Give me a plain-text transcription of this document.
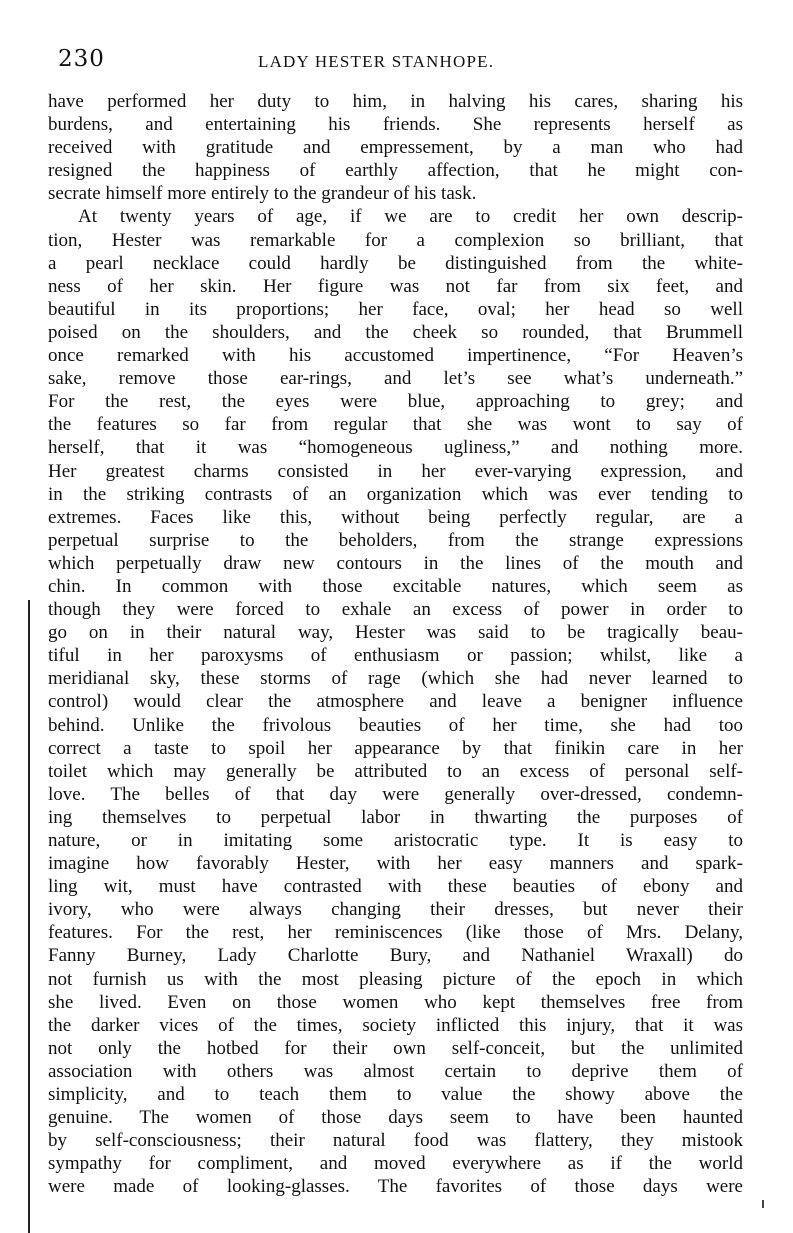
230	LADY HESTER STANHOPE.
have performed her duty to him, in halving his cares, sharing his
burdens, and entertaining his friends. She represents herself as
received with gratitude and empressement, by a man who had
resigned the happiness of earthly affection, that he might con-
secrate himself more entirely to the grandeur of his task.
At twenty years of age, if we are to credit her own descrip-
tion, Hester was remarkable for a complexion so brilliant, that
a pearl necklace could hardly be distinguished from the white-
ness of her skin. Her figure was not far from six feet, and
beautiful in its proportions; her face, oval; her head so well
poised on the shoulders, and the cheek so rounded, that Brummell
once remarked with his accustomed impertinence, “For Heaven’s
sake, remove those ear-rings, and let’s see what’s underneath.”
For the rest, the eyes were blue, approaching to grey; and
the features so far from regular that she was wont to say of
herself, that it was “homogeneous ugliness,” and nothing more.
Her greatest charms consisted in her ever-varying expression, and
in the striking contrasts of an organization which was ever tending to
extremes. Faces like this, without being perfectly regular, are a
perpetual surprise to the beholders, from the strange expressions
which perpetually draw new contours in the lines of the mouth and
chin. In common with those excitable natures, which seem as
though they were forced to exhale an excess of power in order to
go on in their natural way, Hester was said to be tragically beau-
tiful in her paroxysms of enthusiasm or passion; whilst, like a
meridianal sky, these storms of rage (which she had never learned to
control) would clear the atmosphere and leave a benigner influence
behind. Unlike the frivolous beauties of her time, she had too
correct a taste to spoil her appearance by that finikin care in her
toilet which may generally be attributed to an excess of personal self-
love. The belles of that day were generally over-dressed, condemn-
ing themselves to perpetual labor in thwarting the purposes of
nature, or in imitating some aristocratic type. It is easy to
imagine how favorably Hester, with her easy manners and spark-
ling wit, must have contrasted with these beauties of ebony and
ivory, who were always changing their dresses, but never their
features. For the rest, her reminiscences (like those of Mrs. Delany,
Fanny Burney, Lady Charlotte Bury, and Nathaniel Wraxall) do
not furnish us with the most pleasing picture of the epoch in which
she lived. Even on those women who kept themselves free from
the darker vices of the times, society inflicted this injury, that it was
not only the hotbed for their own self-conceit, but the unlimited
association with others was almost certain to deprive them of
simplicity, and to teach them to value the showy above the
genuine. The women of those days seem to have been haunted
by self-consciousness; their natural food was flattery, they mistook
sympathy for compliment, and moved everywhere as if the world
were made of looking-glasses. The favorites of those days were
